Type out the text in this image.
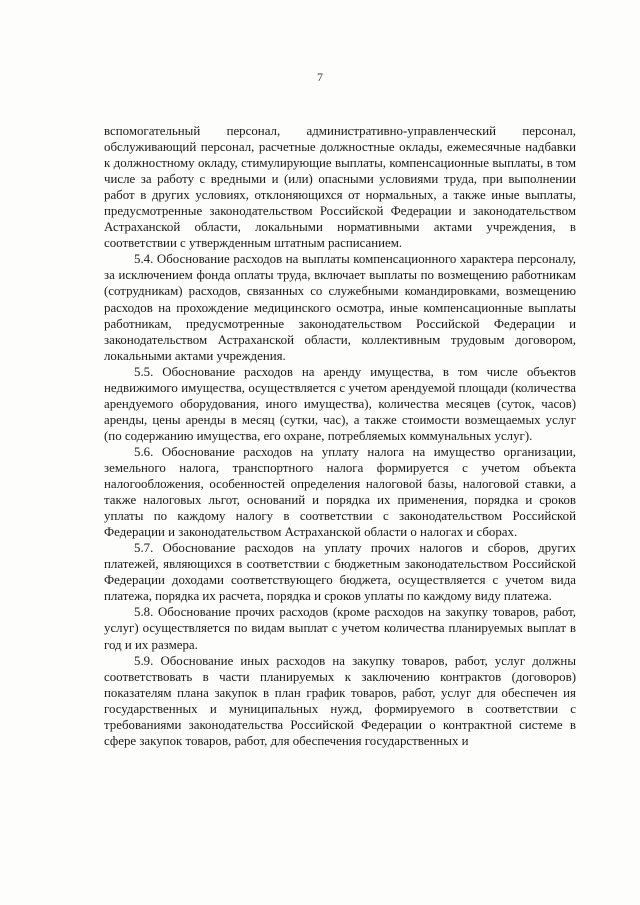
7

вспомогательный персонал, административно-управленческий персонал, обслуживающий персонал, расчетные должностные оклады, ежемесячные надбавки к должностному окладу, стимулирующие выплаты, компенсационные выплаты, в том числе за работу с вредными и (или) опасными условиями труда, при выполнении работ в других условиях, отклоняющихся от нормальных, а также иные выплаты, предусмотренные законодательством Российской Федерации и законодательством Астраханской области, локальными нормативными актами учреждения, в соответствии с утвержденным штатным расписанием.

5.4. Обоснование расходов на выплаты компенсационного характера персоналу, за исключением фонда оплаты труда, включает выплаты по возмещению работникам (сотрудникам) расходов, связанных со служебными командировками, возмещению расходов на прохождение медицинского осмотра, иные компенсационные выплаты работникам, предусмотренные законодательством Российской Федерации и законодательством Астраханской области, коллективным трудовым договором, локальными актами учреждения.

5.5. Обоснование расходов на аренду имущества, в том числе объектов недвижимого имущества, осуществляется с учетом арендуемой площади (количества арендуемого оборудования, иного имущества), количества месяцев (суток, часов) аренды, цены аренды в месяц (сутки, час), а также стоимости возмещаемых услуг (по содержанию имущества, его охране, потребляемых коммунальных услуг).

5.6. Обоснование расходов на уплату налога на имущество организации, земельного налога, транспортного налога формируется с учетом объекта налогообложения, особенностей определения налоговой базы, налоговой ставки, а также налоговых льгот, оснований и порядка их применения, порядка и сроков уплаты по каждому налогу в соответствии с законодательством Российской Федерации и законодательством Астраханской области о налогах и сборах.

5.7. Обоснование расходов на уплату прочих налогов и сборов, других платежей, являющихся в соответствии с бюджетным законодательством Российской Федерации доходами соответствующего бюджета, осуществляется с учетом вида платежа, порядка их расчета, порядка и сроков уплаты по каждому виду платежа.

5.8. Обоснование прочих расходов (кроме расходов на закупку товаров, работ, услуг) осуществляется по видам выплат с учетом количества планируемых выплат в год и их размера.

5.9. Обоснование иных расходов на закупку товаров, работ, услуг должны соответствовать в части планируемых к заключению контрактов (договоров) показателям плана закупок в план график товаров, работ, услуг для обеспечен ия государственных и муниципальных нужд, формируемого в соответствии с требованиями законодательства Российской Федерации о контрактной системе в сфере закупок товаров, работ, для обеспечения государственных и
